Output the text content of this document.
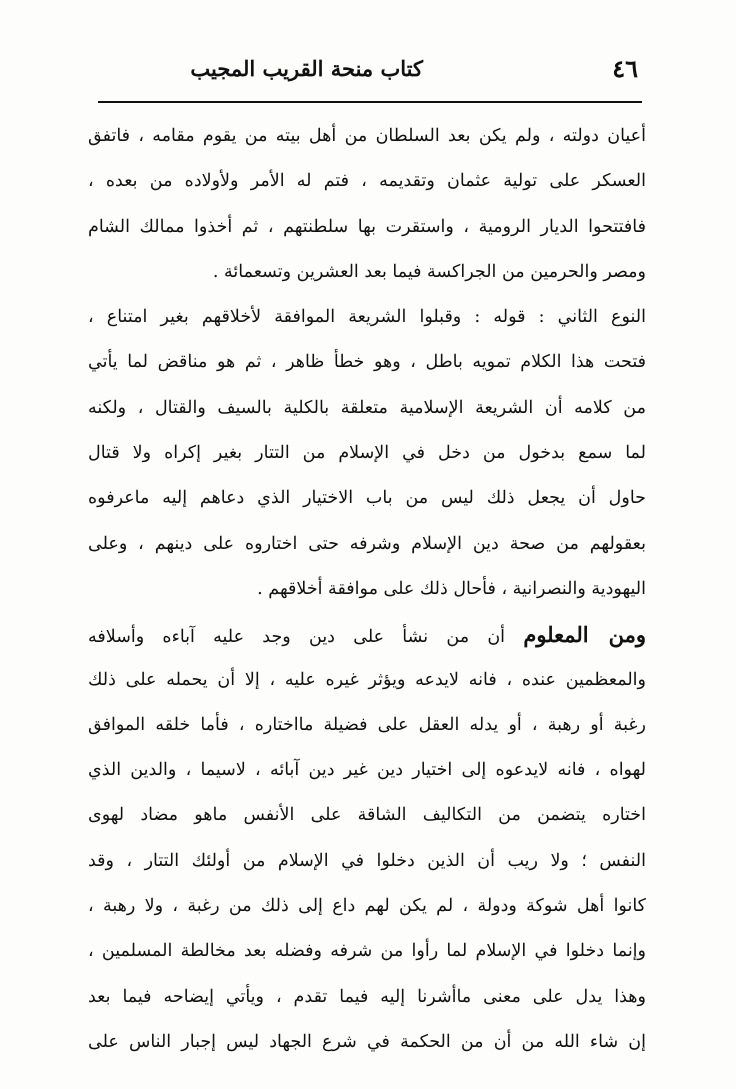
٤٦
كتاب منحة القريب المجيب
أعيان دولته ، ولم يكن بعد السلطان من أهل بيته من يقوم مقامه ، فاتفق
العسكر على تولية عثمان وتقديمه ، فتم له الأمر ولأولاده من بعده ،
فافتتحوا الديار الرومية ، واستقرت بها سلطنتهم ، ثم أخذوا ممالك الشام
ومصر والحرمين من الجراكسة فيما بعد العشرين وتسعمائة .
النوع الثاني : قوله : وقبلوا الشريعة الموافقة لأخلاقهم بغير امتناع ،
فتحت هذا الكلام تمويه باطل ، وهو خطأ ظاهر ، ثم هو مناقض لما يأتي
من كلامه أن الشريعة الإسلامية متعلقة بالكلية بالسيف والقتال ، ولكنه
لما سمع بدخول من دخل في الإسلام من التتار بغير إكراه ولا قتال
حاول أن يجعل ذلك ليس من باب الاختيار الذي دعاهم إليه ماعرفوه
بعقولهم من صحة دين الإسلام وشرفه حتى اختاروه على دينهم ، وعلى
اليهودية والنصرانية ، فأحال ذلك على موافقة أخلاقهم .
ومن المعلوم أن من نشأ على دين وجد عليه آباءه وأسلافه
والمعظمين عنده ، فانه لايدعه ويؤثر غيره عليه ، إلا أن يحمله على ذلك
رغبة أو رهبة ، أو يدله العقل على فضيلة مااختاره ، فأما خلقه الموافق
لهواه ، فانه لايدعوه إلى اختيار دين غير دين آبائه ، لاسيما ، والدين الذي
اختاره يتضمن من التكاليف الشاقة على الأنفس ماهو مضاد لهوى
النفس ؛ ولا ريب أن الذين دخلوا في الإسلام من أولئك التتار ، وقد
كانوا أهل شوكة ودولة ، لم يكن لهم داع إلى ذلك من رغبة ، ولا رهبة ،
وإنما دخلوا في الإسلام لما رأوا من شرفه وفضله بعد مخالطة المسلمين ،
وهذا يدل على معنى ماأشرنا إليه فيما تقدم ، ويأتي إيضاحه فيما بعد
إن شاء الله من أن من الحكمة في شرع الجهاد ليس إجبار الناس على
